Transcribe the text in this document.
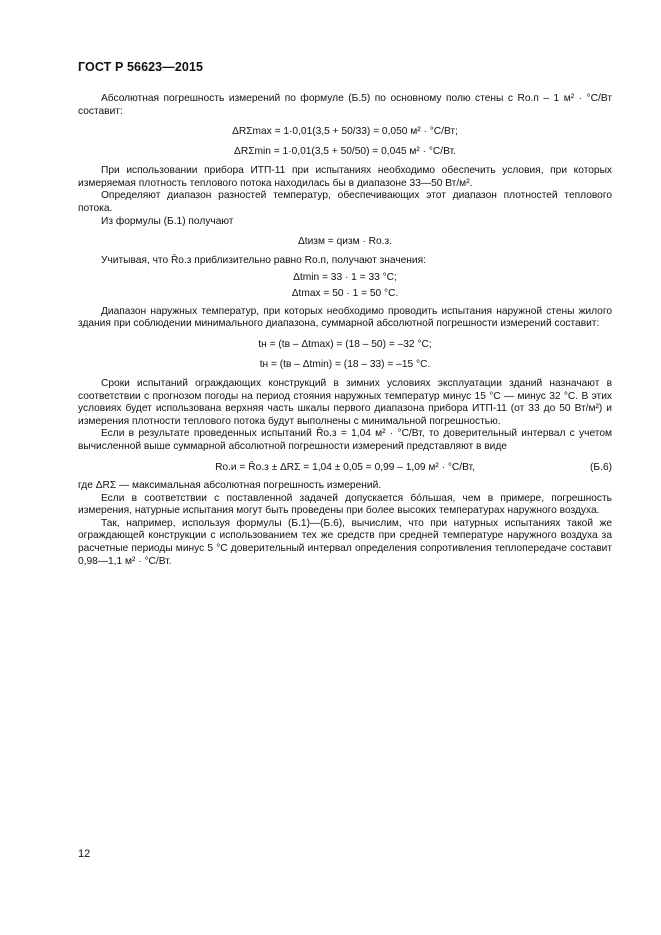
ГОСТ Р 56623—2015

Абсолютная погрешность измерений по формуле (Б.5) по основному полю стены с Rо.п – 1 м² · °С/Вт составит:

ΔRΣmax = 1·0,01(3,5 + 50/33) = 0,050 м² · °С/Вт;
ΔRΣmin = 1·0,01(3,5 + 50/50) = 0,045 м² · °С/Вт.

При использовании прибора ИТП-11 при испытаниях необходимо обеспечить условия, при которых измеряемая плотность теплового потока находилась бы в диапазоне 33—50 Вт/м².

Определяют диапазон разностей температур, обеспечивающих этот диапазон плотностей теплового потока.

Из формулы (Б.1) получают

Δtизм = qизм · Rо.з.

Учитывая, что R̄о.з приблизительно равно Rо.п, получают значения:

Δtmin = 33 · 1 = 33 °С;
Δtmax = 50 · 1 = 50 °С.

Диапазон наружных температур, при которых необходимо проводить испытания наружной стены жилого здания при соблюдении минимального диапазона, суммарной абсолютной погрешности измерений составит:

tн = (tв – Δtmax) = (18 – 50) = –32 °С;
tн = (tв – Δtmin) = (18 – 33) = –15 °С.

Сроки испытаний ограждающих конструкций в зимних условиях эксплуатации зданий назначают в соответствии с прогнозом погоды на период стояния наружных температур минус 15 °С — минус 32 °С. В этих условиях будет использована верхняя часть шкалы первого диапазона прибора ИТП-11 (от 33 до 50 Вт/м²) и измерения плотности теплового потока будут выполнены с минимальной погрешностью.

Если в результате проведенных испытаний R̄о.з = 1,04 м² · °С/Вт, то доверительный интервал с учетом вычисленной выше суммарной абсолютной погрешности измерений представляют в виде

Rо.и = R̄о.з ± ΔRΣ = 1,04 ± 0,05 = 0,99 – 1,09 м² · °С/Вт,	(Б.6)

где ΔRΣ — максимальная абсолютная погрешность измерений.

Если в соответствии с поставленной задачей допускается бо́льшая, чем в примере, погрешность измерения, натурные испытания могут быть проведены при более высоких температурах наружного воздуха.

Так, например, используя формулы (Б.1)—(Б.6), вычислим, что при натурных испытаниях такой же ограждающей конструкции с использованием тех же средств при средней температуре наружного воздуха за расчетные периоды минус 5 °С доверительный интервал определения сопротивления теплопередаче составит 0,98—1,1 м² · °С/Вт.

12
